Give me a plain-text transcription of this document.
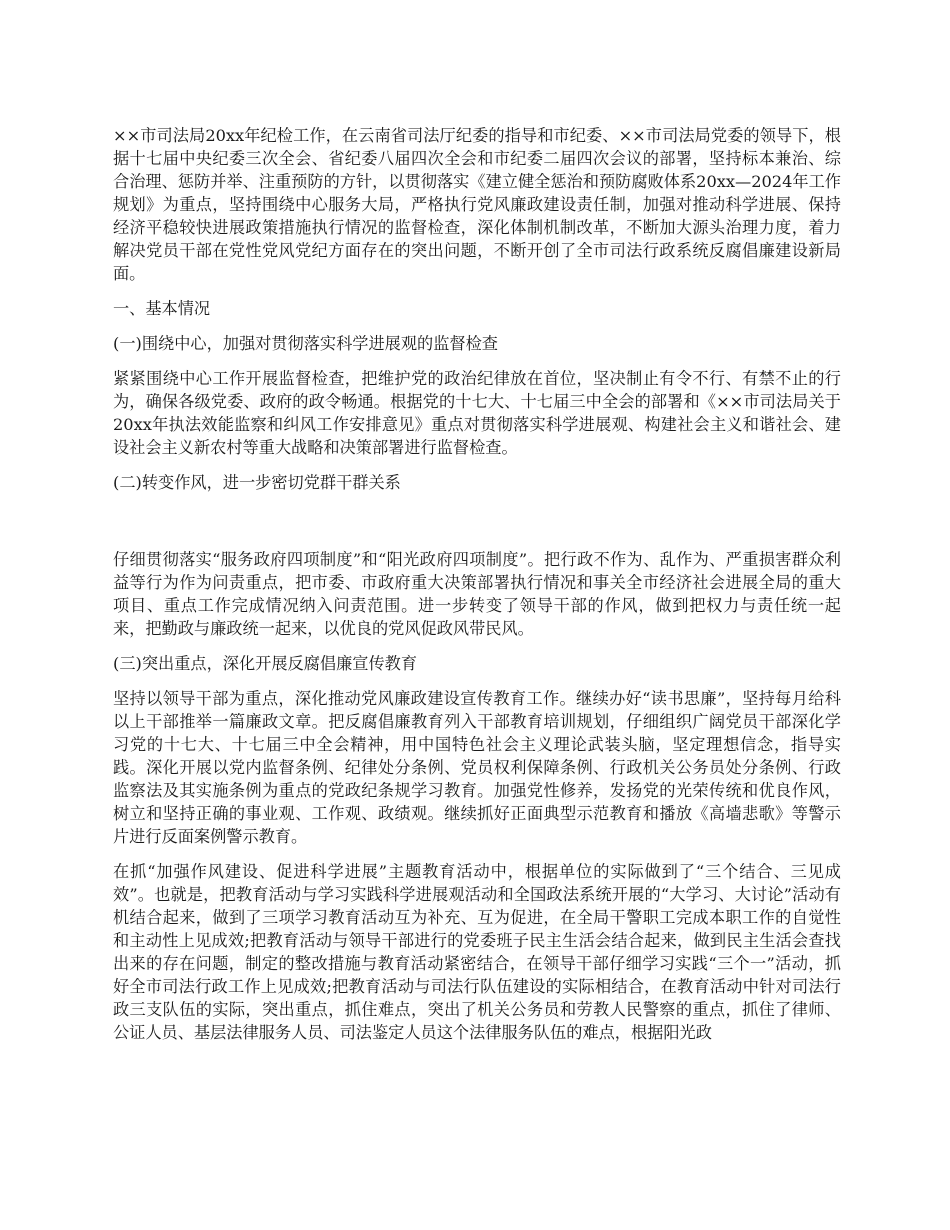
××市司法局20xx年纪检工作，在云南省司法厅纪委的指导和市纪委、××市司法局党委的领导下，根据十七届中央纪委三次全会、省纪委八届四次全会和市纪委二届四次会议的部署，坚持标本兼治、综合治理、惩防并举、注重预防的方针，以贯彻落实《建立健全惩治和预防腐败体系20xx—2024年工作规划》为重点，坚持围绕中心服务大局，严格执行党风廉政建设责任制，加强对推动科学进展、保持经济平稳较快进展政策措施执行情况的监督检查，深化体制机制改革，不断加大源头治理力度，着力解决党员干部在党性党风党纪方面存在的突出问题，不断开创了全市司法行政系统反腐倡廉建设新局面。

一、基本情况

(一)围绕中心，加强对贯彻落实科学进展观的监督检查

紧紧围绕中心工作开展监督检查，把维护党的政治纪律放在首位，坚决制止有令不行、有禁不止的行为，确保各级党委、政府的政令畅通。根据党的十七大、十七届三中全会的部署和《××市司法局关于20xx年执法效能监察和纠风工作安排意见》重点对贯彻落实科学进展观、构建社会主义和谐社会、建设社会主义新农村等重大战略和决策部署进行监督检查。

(二)转变作风，进一步密切党群干群关系

仔细贯彻落实“服务政府四项制度”和“阳光政府四项制度”。把行政不作为、乱作为、严重损害群众利益等行为作为问责重点，把市委、市政府重大决策部署执行情况和事关全市经济社会进展全局的重大项目、重点工作完成情况纳入问责范围。进一步转变了领导干部的作风，做到把权力与责任统一起来，把勤政与廉政统一起来，以优良的党风促政风带民风。

(三)突出重点，深化开展反腐倡廉宣传教育

坚持以领导干部为重点，深化推动党风廉政建设宣传教育工作。继续办好“读书思廉”，坚持每月给科以上干部推举一篇廉政文章。把反腐倡廉教育列入干部教育培训规划，仔细组织广阔党员干部深化学习党的十七大、十七届三中全会精神，用中国特色社会主义理论武装头脑，坚定理想信念，指导实践。深化开展以党内监督条例、纪律处分条例、党员权利保障条例、行政机关公务员处分条例、行政监察法及其实施条例为重点的党政纪条规学习教育。加强党性修养，发扬党的光荣传统和优良作风，树立和坚持正确的事业观、工作观、政绩观。继续抓好正面典型示范教育和播放《高墙悲歌》等警示片进行反面案例警示教育。

在抓“加强作风建设、促进科学进展”主题教育活动中，根据单位的实际做到了“三个结合、三见成效”。也就是，把教育活动与学习实践科学进展观活动和全国政法系统开展的“大学习、大讨论”活动有机结合起来，做到了三项学习教育活动互为补充、互为促进，在全局干警职工完成本职工作的自觉性和主动性上见成效;把教育活动与领导干部进行的党委班子民主生活会结合起来，做到民主生活会查找出来的存在问题，制定的整改措施与教育活动紧密结合，在领导干部仔细学习实践“三个一”活动，抓好全市司法行政工作上见成效;把教育活动与司法行队伍建设的实际相结合，在教育活动中针对司法行政三支队伍的实际，突出重点，抓住难点，突出了机关公务员和劳教人民警察的重点，抓住了律师、公证人员、基层法律服务人员、司法鉴定人员这个法律服务队伍的难点，根据阳光政
